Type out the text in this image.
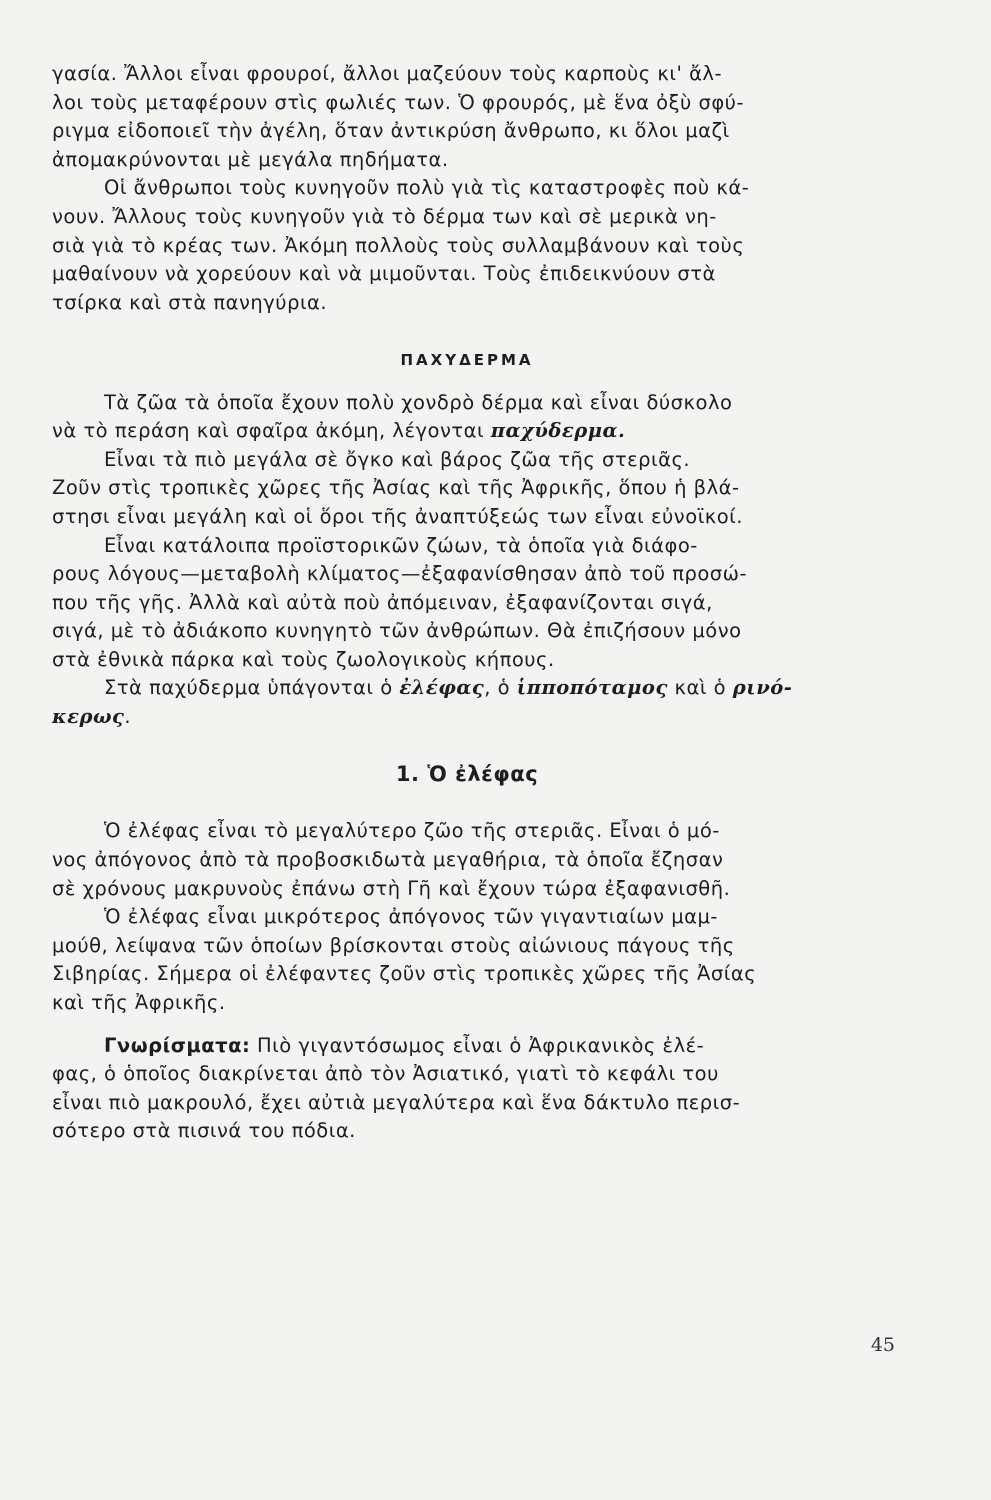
γασία. Ἄλλοι εἶναι φρουροί, ἄλλοι μαζεύουν τοὺς καρποὺς κι' ἄλ-
λοι τοὺς μεταφέρουν στὶς φωλιές των. Ὁ φρουρός, μὲ ἕνα ὀξὺ σφύ-
ριγμα εἰδοποιεῖ τὴν ἀγέλη, ὅταν ἀντικρύση ἄνθρωπο, κι ὅλοι μαζὶ
ἀπομακρύνονται μὲ μεγάλα πηδήματα.
Οἱ ἄνθρωποι τοὺς κυνηγοῦν πολὺ γιὰ τὶς καταστροφὲς ποὺ κά-
νουν. Ἄλλους τοὺς κυνηγοῦν γιὰ τὸ δέρμα των καὶ σὲ μερικὰ νη-
σιὰ γιὰ τὸ κρέας των. Ἀκόμη πολλοὺς τοὺς συλλαμβάνουν καὶ τοὺς
μαθαίνουν νὰ χορεύουν καὶ νὰ μιμοῦνται. Τοὺς ἐπιδεικνύουν στὰ
τσίρκα καὶ στὰ πανηγύρια.
ΠΑΧΥΔΕΡΜΑ
Τὰ ζῶα τὰ ὁποῖα ἔχουν πολὺ χονδρὸ δέρμα καὶ εἶναι δύσκολο
νὰ τὸ περάση καὶ σφαῖρα ἀκόμη, λέγονται παχύδερμα.
Εἶναι τὰ πιὸ μεγάλα σὲ ὄγκο καὶ βάρος ζῶα τῆς στεριᾶς.
Ζοῦν στὶς τροπικὲς χῶρες τῆς Ἀσίας καὶ τῆς Ἀφρικῆς, ὅπου ἡ βλά-
στησι εἶναι μεγάλη καὶ οἱ ὅροι τῆς ἀναπτύξεώς των εἶναι εὐνοϊκοί.
Εἶναι κατάλοιπα προϊστορικῶν ζώων, τὰ ὁποῖα γιὰ διάφο-
ρους λόγους—μεταβολὴ κλίματος—ἐξαφανίσθησαν ἀπὸ τοῦ προσώ-
που τῆς γῆς. Ἀλλὰ καὶ αὐτὰ ποὺ ἀπόμειναν, ἐξαφανίζονται σιγά,
σιγά, μὲ τὸ ἀδιάκοπο κυνηγητὸ τῶν ἀνθρώπων. Θὰ ἐπιζήσουν μόνο
στὰ ἐθνικὰ πάρκα καὶ τοὺς ζωολογικοὺς κήπους.
Στὰ παχύδερμα ὑπάγονται ὁ ἐλέφας, ὁ ἱπποπόταμος καὶ ὁ ρινό-
κερως.
1. Ὁ ἐλέφας
Ὁ ἐλέφας εἶναι τὸ μεγαλύτερο ζῶο τῆς στεριᾶς. Εἶναι ὁ μό-
νος ἀπόγονος ἀπὸ τὰ προβοσκιδωτὰ μεγαθήρια, τὰ ὁποῖα ἔζησαν
σὲ χρόνους μακρυνοὺς ἐπάνω στὴ Γῆ καὶ ἔχουν τώρα ἐξαφανισθῆ.
Ὁ ἐλέφας εἶναι μικρότερος ἀπόγονος τῶν γιγαντιαίων μαμ-
μούθ, λείψανα τῶν ὁποίων βρίσκονται στοὺς αἰώνιους πάγους τῆς
Σιβηρίας. Σήμερα οἱ ἐλέφαντες ζοῦν στὶς τροπικὲς χῶρες τῆς Ἀσίας
καὶ τῆς Ἀφρικῆς.
Γνωρίσματα: Πιὸ γιγαντόσωμος εἶναι ὁ Ἀφρικανικὸς ἐλέ-
φας, ὁ ὁποῖος διακρίνεται ἀπὸ τὸν Ἀσιατικό, γιατὶ τὸ κεφάλι του
εἶναι πιὸ μακρουλό, ἔχει αὐτιὰ μεγαλύτερα καὶ ἕνα δάκτυλο περισ-
σότερο στὰ πισινά του πόδια.
45
